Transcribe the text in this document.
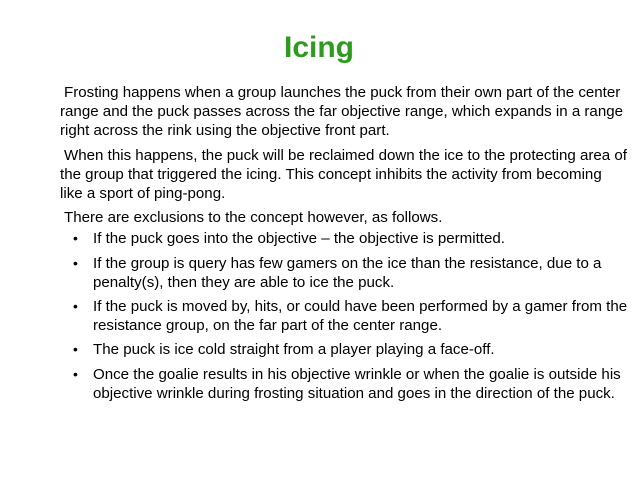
Icing

Frosting happens when a group launches the puck from their own part of the center range and the puck passes across the far objective range, which expands in a range right across the rink using the objective front part.

When this happens, the puck will be reclaimed down the ice to the protecting area of the group that triggered the icing. This concept inhibits the activity from becoming like a sport of ping-pong.

There are exclusions to the concept however, as follows.

• If the puck goes into the objective – the objective is permitted.
• If the group is query has few gamers on the ice than the resistance, due to a penalty(s), then they are able to ice the puck.
• If the puck is moved by, hits, or could have been performed by a gamer from the resistance group, on the far part of the center range.
• The puck is ice cold straight from a player playing a face-off.
• Once the goalie results in his objective wrinkle or when the goalie is outside his objective wrinkle during frosting situation and goes in the direction of the puck.
